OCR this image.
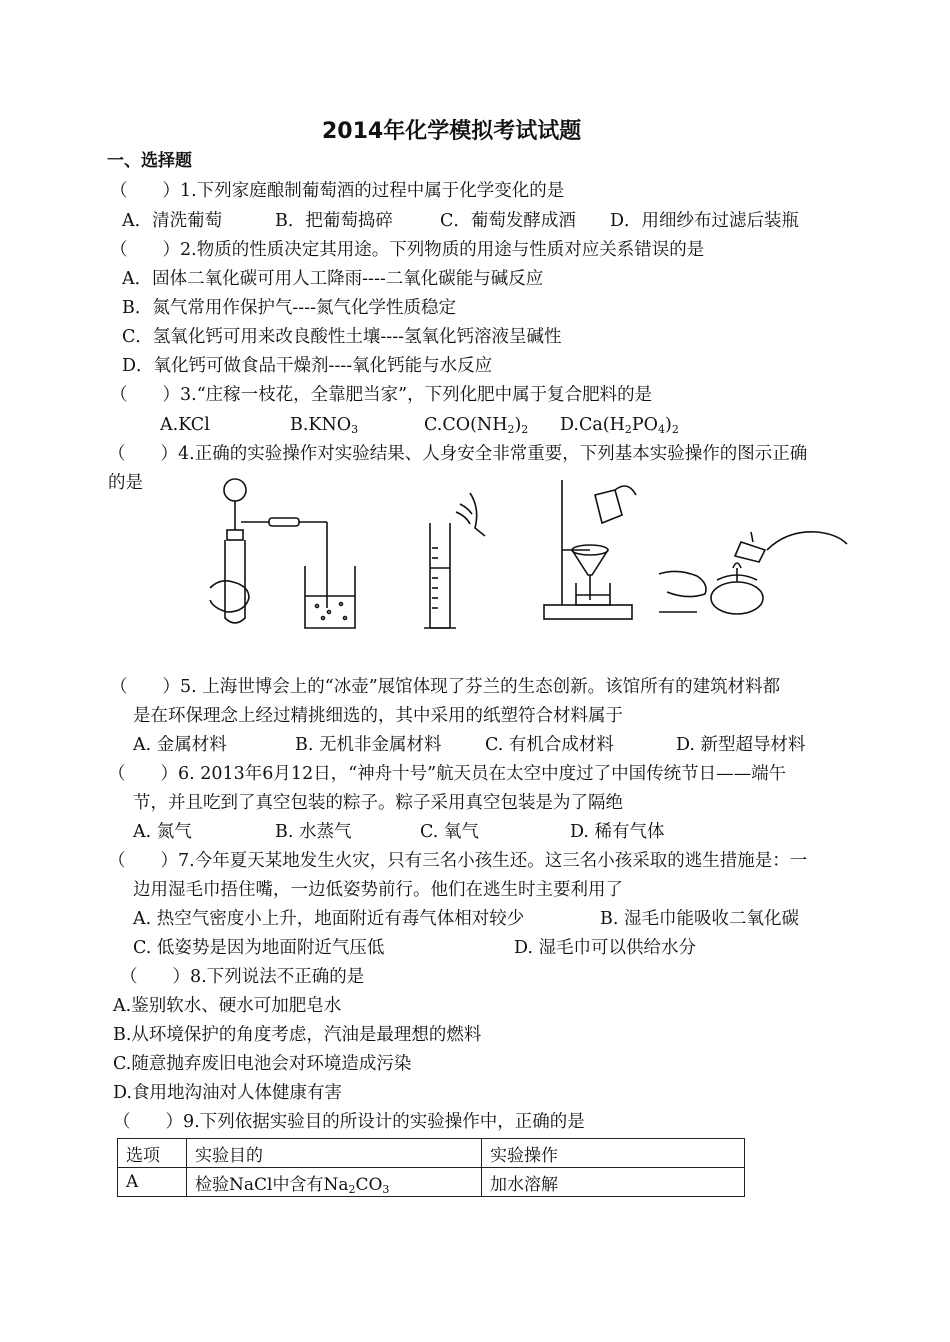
2014年化学模拟考试试题
一、选择题
（　　）1.下列家庭酿制葡萄酒的过程中属于化学变化的是
A．清洗葡萄	B．把葡萄捣碎	C．葡萄发酵成酒 D．用细纱布过滤后装瓶
（　　）2.物质的性质决定其用途。下列物质的用途与性质对应关系错误的是
A．固体二氧化碳可用人工降雨----二氧化碳能与碱反应
B．氮气常用作保护气----氮气化学性质稳定
C．氢氧化钙可用来改良酸性土壤----氢氧化钙溶液呈碱性
D．氧化钙可做食品干燥剂----氧化钙能与水反应
（　　）3.“庄稼一枝花，全靠肥当家”，下列化肥中属于复合肥料的是
A.KCl	$B.KNO_3$	$C.CO(NH_2)_2$ $D.Ca(H_2PO_4)_2$
（　　）4.正确的实验操作对实验结果、人身安全非常重要，下列基本实验操作的图示正确
的是
（　　）5. 上海世博会上的“冰壶”展馆体现了芬兰的生态创新。该馆所有的建筑材料都
是在环保理念上经过精挑细选的，其中采用的纸塑符合材料属于
A. 金属材料	B. 无机非金属材料 C. 有机合成材料	D. 新型超导材料
（　　）6. 2013年6月12日，“神舟十号”航天员在太空中度过了中国传统节日——端午
节，并且吃到了真空包装的粽子。粽子采用真空包装是为了隔绝
A. 氮气	B. 水蒸气	C. 氧气	D. 稀有气体
（　　）7.今年夏天某地发生火灾，只有三名小孩生还。这三名小孩采取的逃生措施是：一
边用湿毛巾捂住嘴，一边低姿势前行。他们在逃生时主要利用了
A. 热空气密度小上升，地面附近有毒气体相对较少	B. 湿毛巾能吸收二氧化碳
C. 低姿势是因为地面附近气压低	D. 湿毛巾可以供给水分
（　　）8.下列说法不正确的是
A.鉴别软水、硬水可加肥皂水
B.从环境保护的角度考虑，汽油是最理想的燃料
C.随意抛弃废旧电池会对环境造成污染
D.食用地沟油对人体健康有害
（　　）9.下列依据实验目的所设计的实验操作中，正确的是
选项	实验目的	实验操作
A	检验NaCl中含有$Na_2CO_3$	加水溶解
